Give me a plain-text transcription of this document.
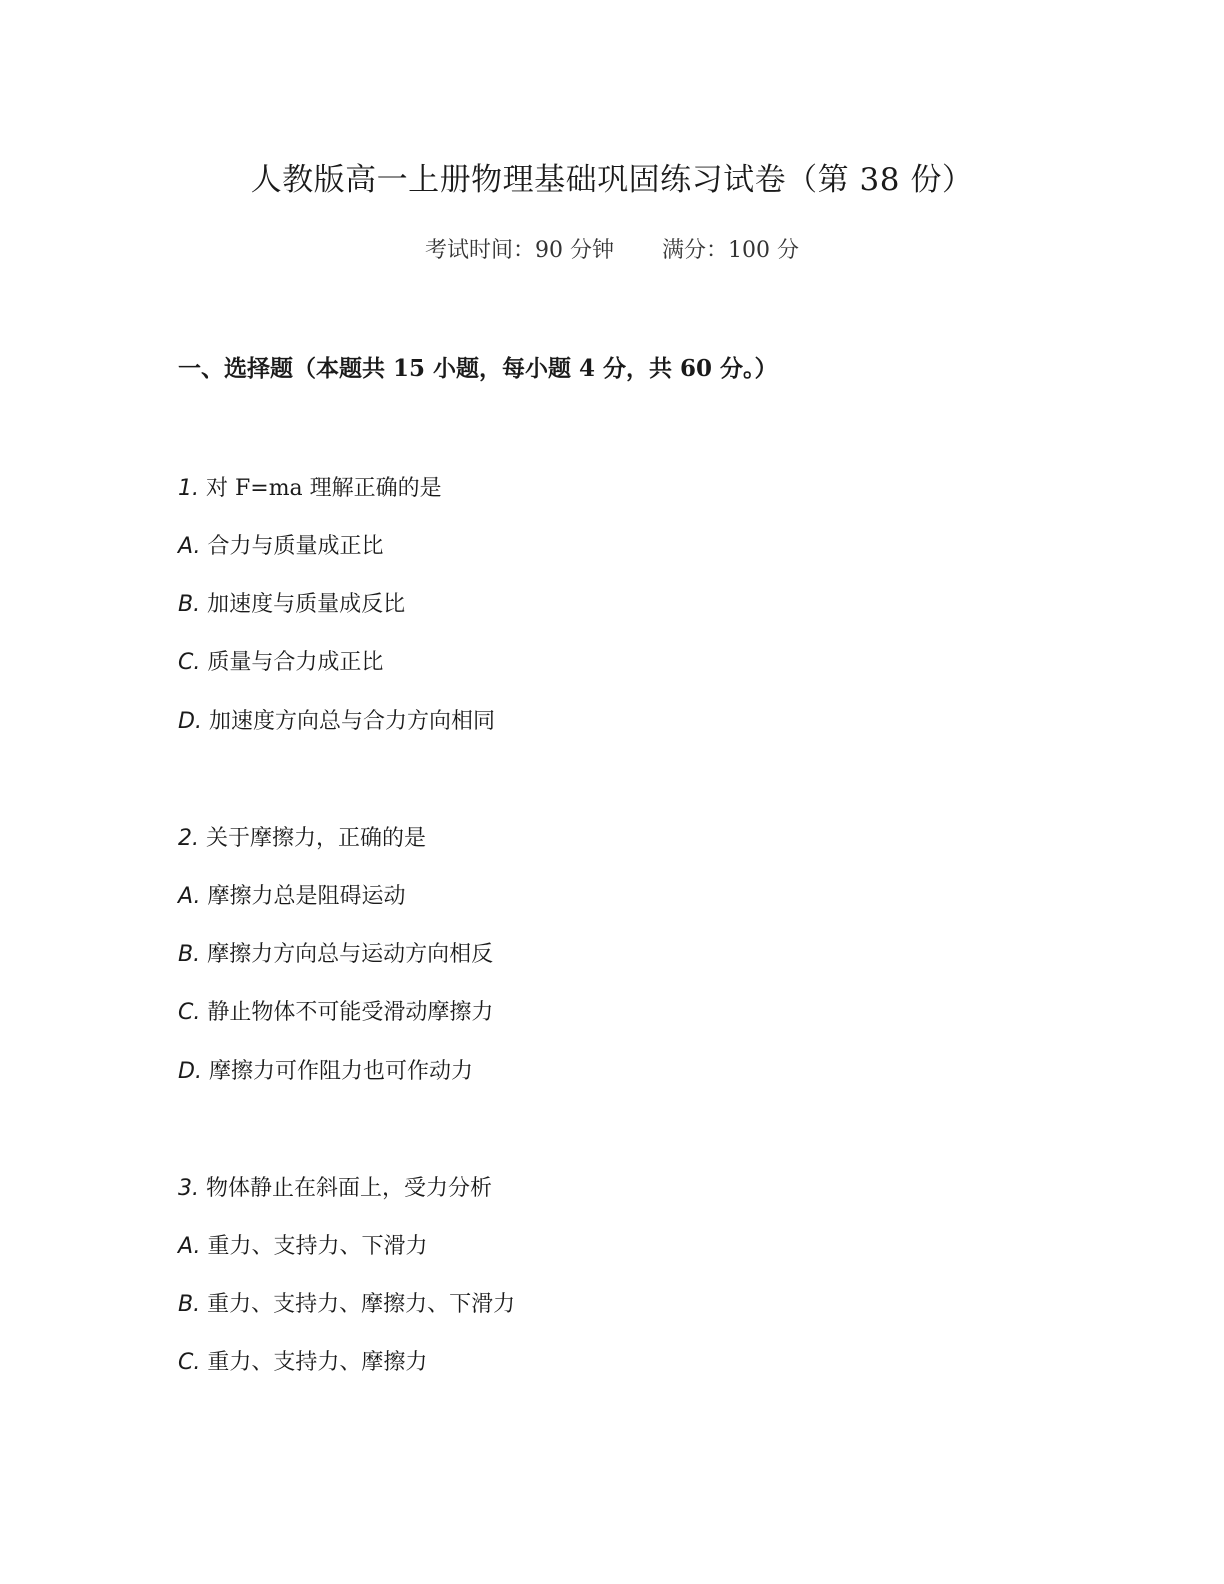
人教版高一上册物理基础巩固练习试卷（第 38 份）
考试时间：90 分钟 满分：100 分
一、选择题（本题共 15 小题，每小题 4 分，共 60 分。）
1. 对 F=ma 理解正确的是
A. 合力与质量成正比
B. 加速度与质量成反比
C. 质量与合力成正比
D. 加速度方向总与合力方向相同
2. 关于摩擦力，正确的是
A. 摩擦力总是阻碍运动
B. 摩擦力方向总与运动方向相反
C. 静止物体不可能受滑动摩擦力
D. 摩擦力可作阻力也可作动力
3. 物体静止在斜面上，受力分析
A. 重力、支持力、下滑力
B. 重力、支持力、摩擦力、下滑力
C. 重力、支持力、摩擦力
